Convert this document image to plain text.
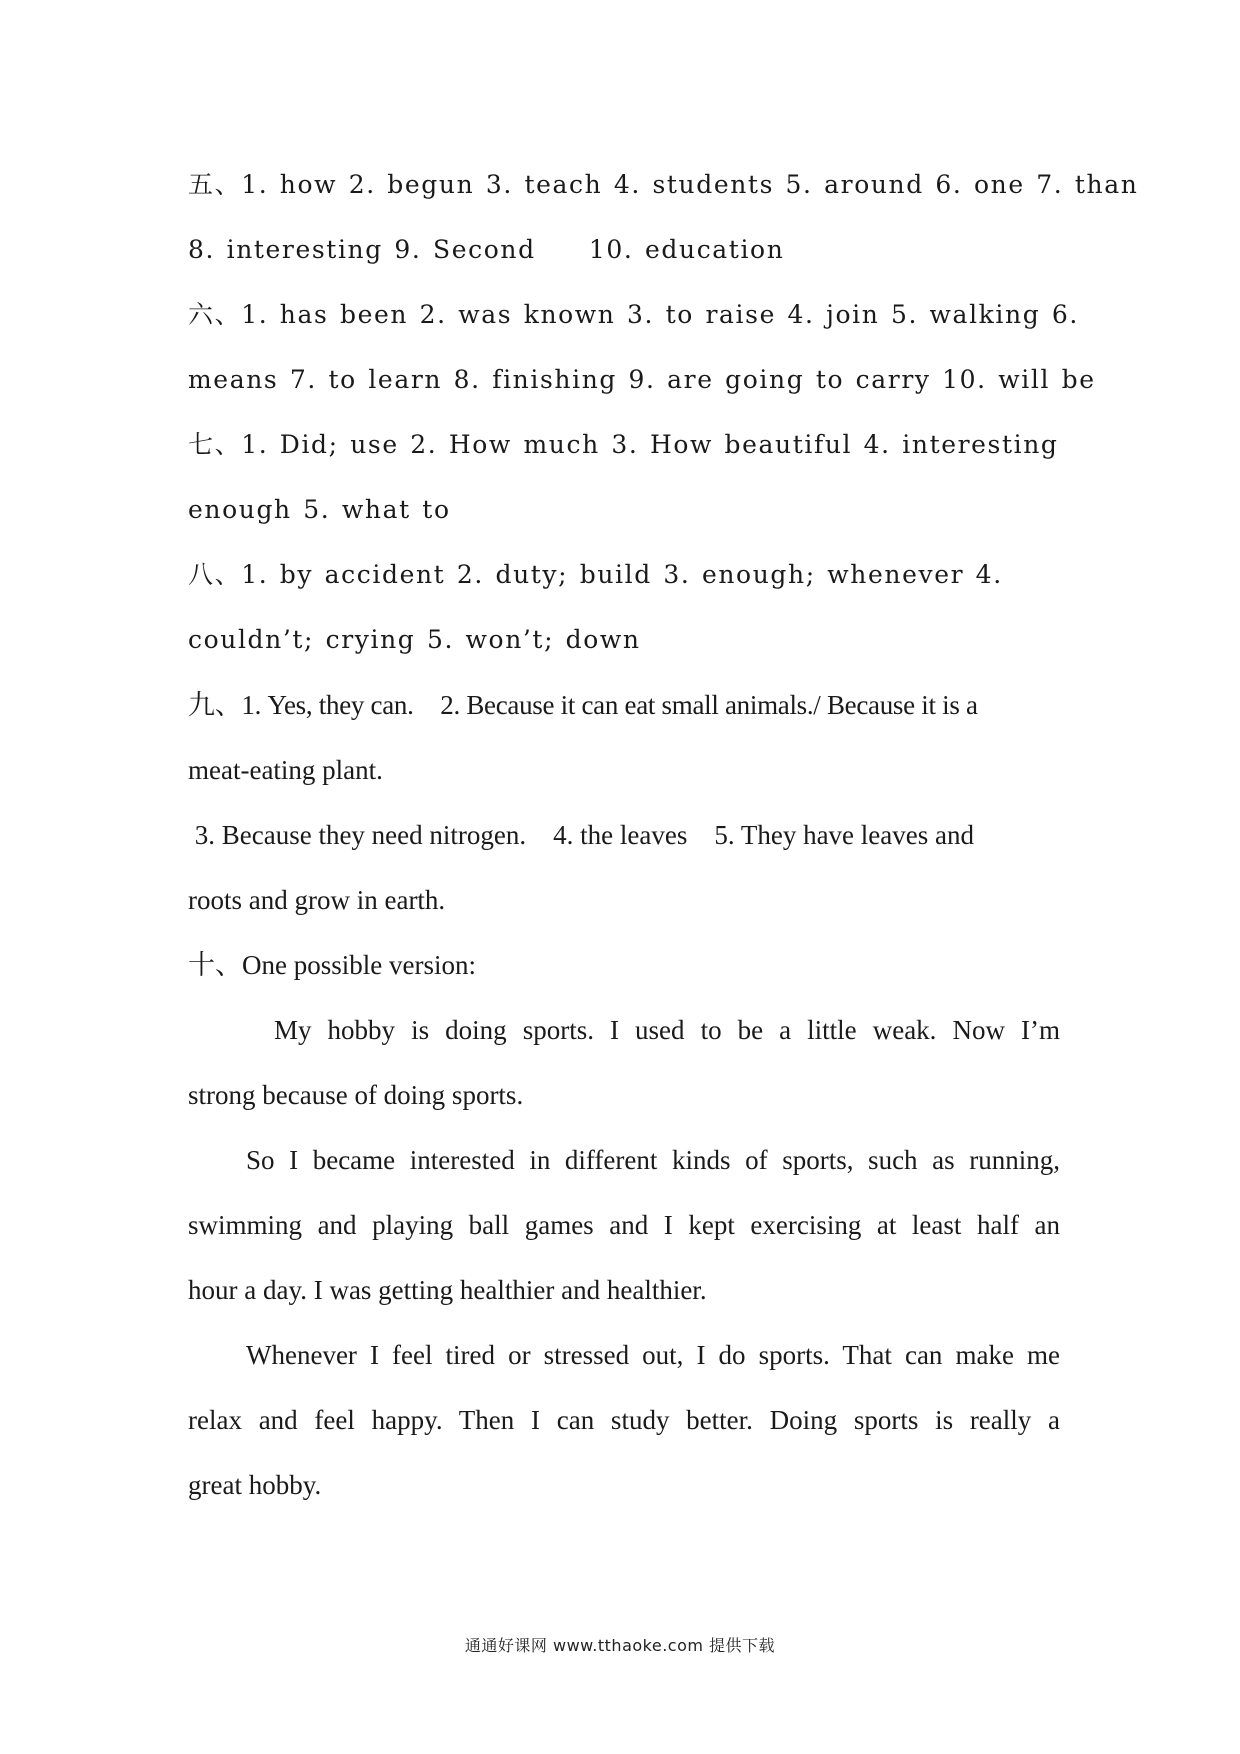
五、1. how 2. begun 3. teach 4. students 5. around 6. one 7. than
8. interesting 9. Second　　10. education
六、1. has been 2. was known 3. to raise 4. join 5. walking 6.
means 7. to learn 8. finishing 9. are going to carry 10. will be
七、1. Did; use 2. How much 3. How beautiful 4. interesting
enough 5. what to
八、1. by accident 2. duty; build 3. enough; whenever 4.
couldn’t; crying 5. won’t; down
九、1. Yes, they can.　2. Because it can eat small animals./ Because it is a
meat-eating plant.
3. Because they need nitrogen.　4. the leaves　5. They have leaves and
roots and grow in earth.
十、One possible version:
My hobby is doing sports. I used to be a little weak. Now I’m
strong because of doing sports.
So I became interested in different kinds of sports, such as running,
swimming and playing ball games and I kept exercising at least half an
hour a day. I was getting healthier and healthier.
Whenever I feel tired or stressed out, I do sports. That can make me
relax and feel happy. Then I can study better. Doing sports is really a
great hobby.
通通好课网 www.tthaoke.com 提供下载
